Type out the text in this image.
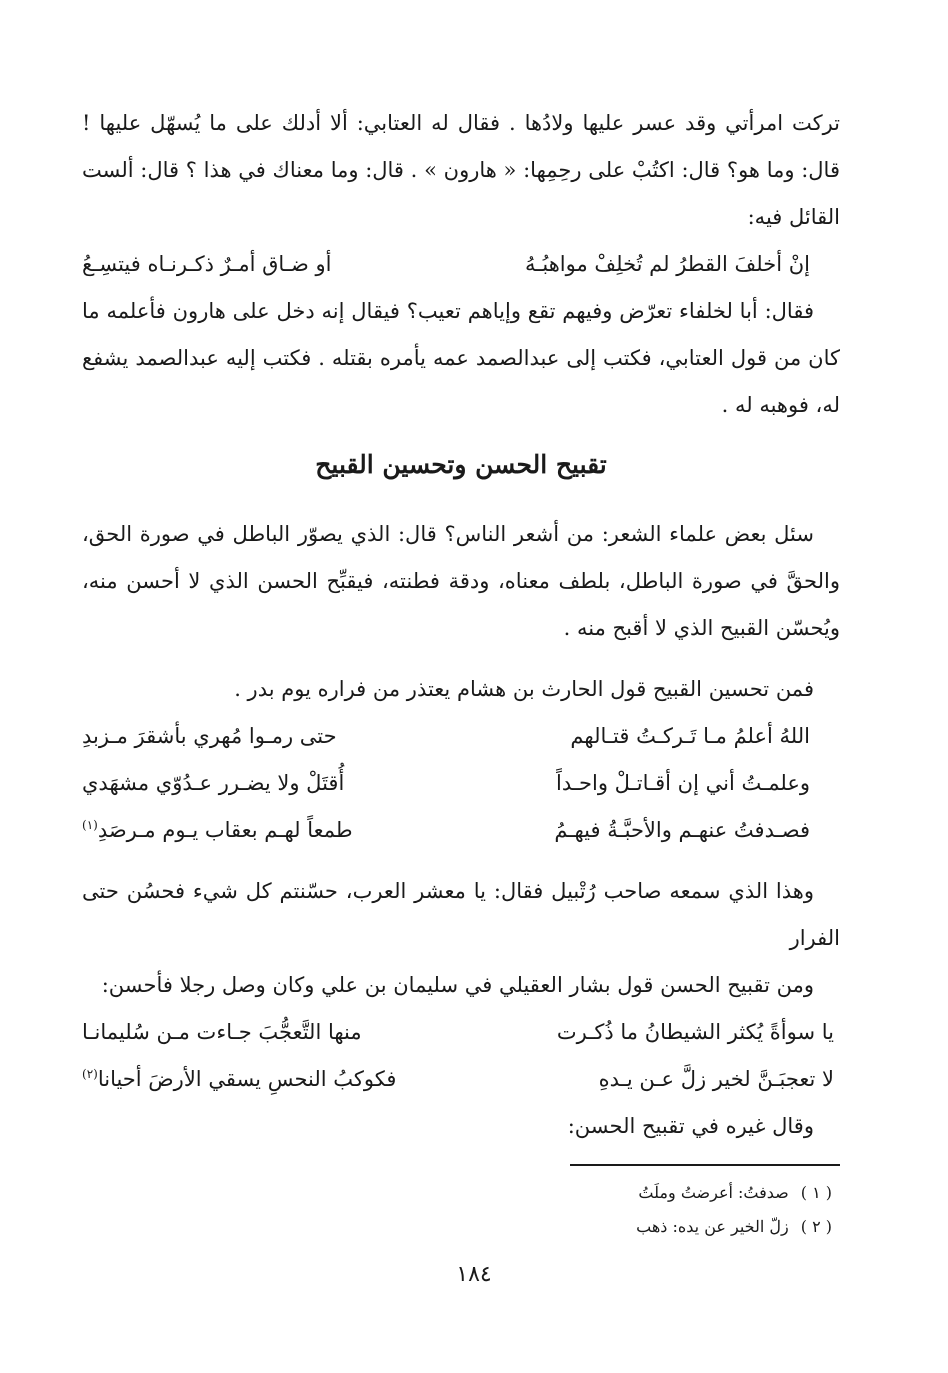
تركت امرأتي وقد عسر عليها ولادُها . فقال له العتابي: ألا أدلك على ما يُسهّل عليها ! قال: وما هو؟ قال: اكتُبْ على رحِمِها: « هارون » . قال: وما معناك في هذا ؟ قال: ألست القائل فيه:

إنْ أخلفَ القطرُ لم تُخلِفْ مواهبُـهُ
أو ضـاق أمـرٌ ذكـرنـاه فيتسِـعُ

فقال: أبا لخلفاء تعرّض وفيهم تقع وإياهم تعيب؟ فيقال إنه دخل على هارون فأعلمه ما كان من قول العتابي، فكتب إلى عبدالصمد عمه يأمره بقتله . فكتب إليه عبدالصمد يشفع له، فوهبه له .

تقبيح الحسن وتحسين القبيح

سئل بعض علماء الشعر: من أشعر الناس؟ قال: الذي يصوّر الباطل في صورة الحق، والحقَّ في صورة الباطل، بلطف معناه، ودقة فطنته، فيقبِّح الحسن الذي لا أحسن منه، ويُحسّن القبيح الذي لا أقبح منه .

فمن تحسين القبيح قول الحارث بن هشام يعتذر من فراره يوم بدر .

اللهُ أعلمُ مـا تَـركـتُ قتـالهم
حتى رمـوا مُهري بأشقرَ مـزبدِ
وعلمـتُ أني إن أقـاتـلْ واحـداً
أُقتَلْ ولا يضـرر عـدُوّي مشهَدي
فصـدفتُ عنهـم والأحبَّـةُ فيهـمُ
طمعاً لهـم بعقاب يـوم مـرصَدِ$^{(١)}$

وهذا الذي سمعه صاحب رُتْبيل فقال: يا معشر العرب، حسّنتم كل شيء فحسُن حتى الفرار

ومن تقبيح الحسن قول بشار العقيلي في سليمان بن علي وكان وصل رجلا فأحسن:

يا سوأةً يُكثر الشيطانُ ما ذُكـرت
منها التَّعجُّبَ جـاءت مـن سُليمانـا
لا تعجبَـنَّ لخير زلَّ عـن يـدهِ
فكوكبُ النحسِ يسقي الأرضَ أحيانا$^{(٢)}$

وقال غيره في تقبيح الحسن:

( ١ )صدفتُ: أعرضتُ وملَتُ

( ٢ )زلّ الخير عن يده: ذهب

١٨٤
